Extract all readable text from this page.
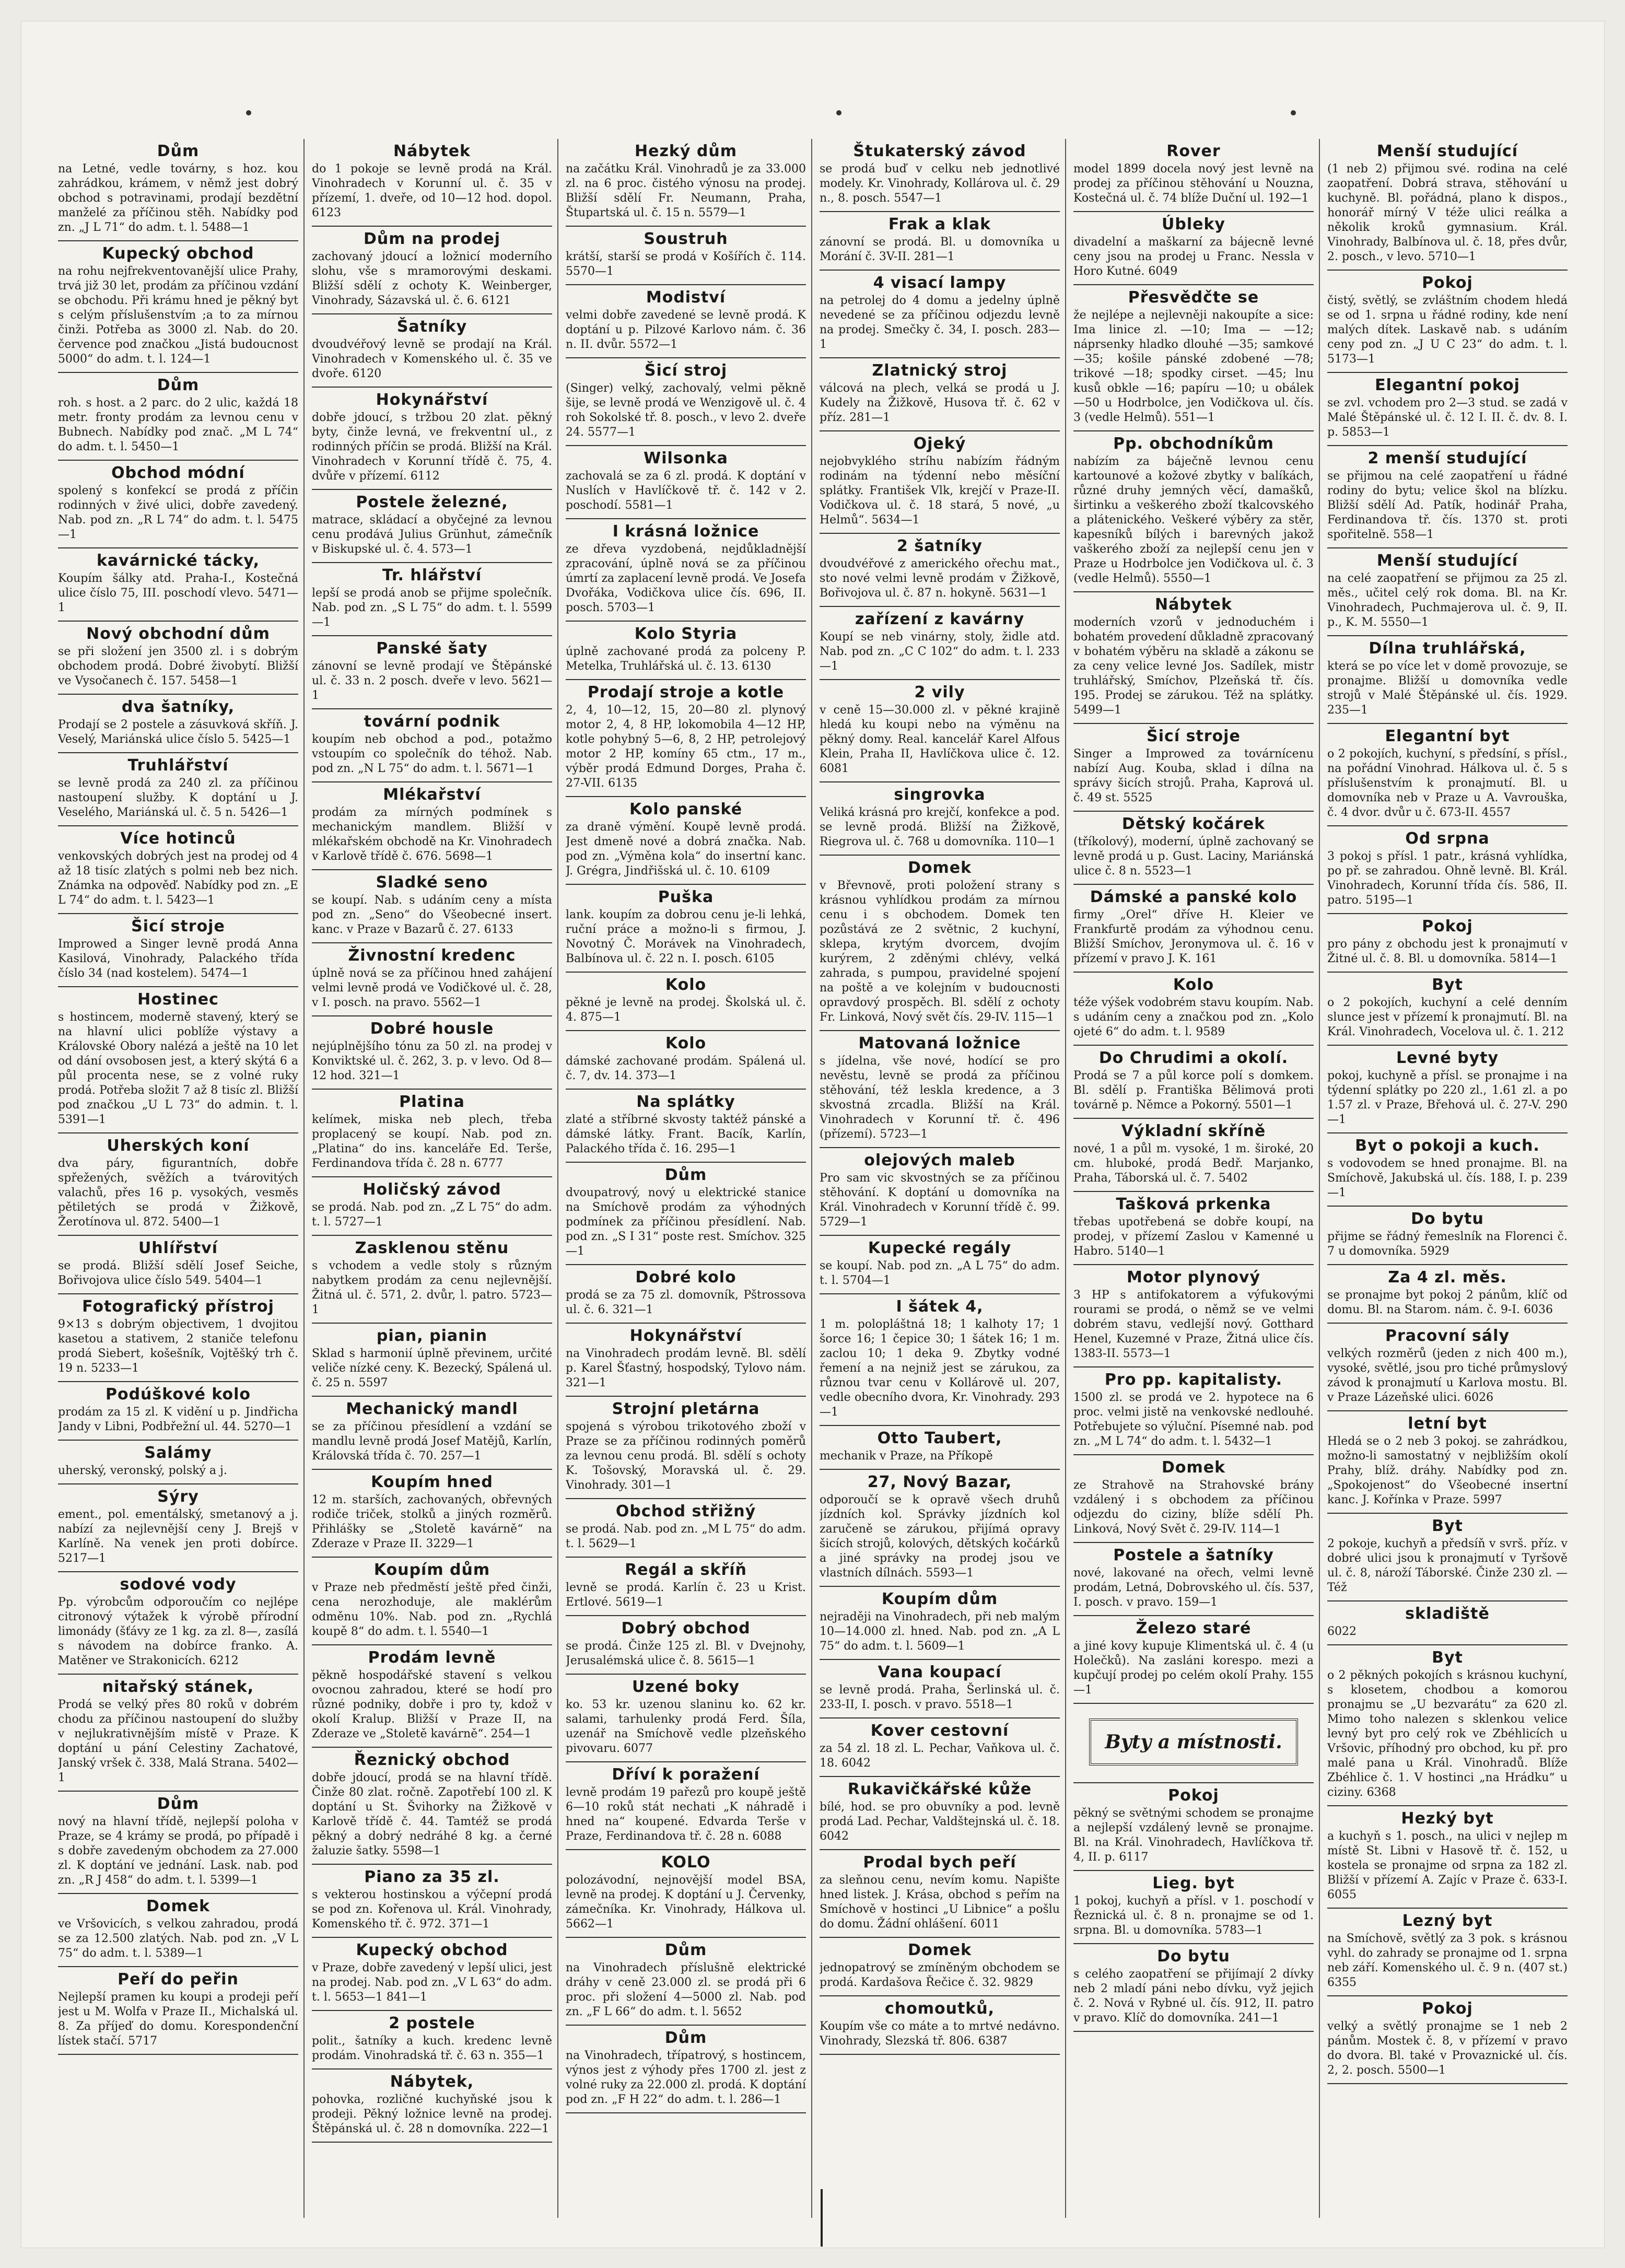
Dům
na Letné, vedle továrny, s hoz. kou zahrádkou, krámem, v němž jest dobrý obchod s potravinami, prodají bezdětní manželé za příčinou stěh. Nabídky pod zn. „J L 71“ do adm. t. l. 5488—1
Kupecký obchod
na rohu nejfrekventovanější ulice Prahy, trvá již 30 let, prodám za příčinou vzdání se obchodu. Při krámu hned je pěkný byt s celým příslušenstvím ;a to za mírnou činži. Potřeba as 3000 zl. Nab. do 20. července pod značkou „Jistá budoucnost 5000“ do adm. t. l. 124—1
Dům
roh. s host. a 2 parc. do 2 ulic, každá 18 metr. fronty prodám za levnou cenu v Bubnech. Nabídky pod znač. „M L 74“ do adm. t. l. 5450—1
Obchod módní
spolený s konfekcí se prodá z příčin rodinných v živé ulici, dobře zavedený. Nab. pod zn. „R L 74“ do adm. t. l. 5475—1
kavárnické tácky,
Koupím šálky atd. Praha-I., Kostečná ulice číslo 75, III. poschodí vlevo. 5471—1
Nový obchodní dům
se při složení jen 3500 zl. i s dobrým obchodem prodá. Dobré živobytí. Bližší ve Vysočanech č. 157. 5458—1
dva šatníky,
Prodají se 2 postele a zásuvková skříň. J. Veselý, Mariánská ulice číslo 5. 5425—1
Truhlářství
se levně prodá za 240 zl. za příčinou nastoupení služby. K doptání u J. Veselého, Mariánská ul. č. 5 n. 5426—1
Více hotinců
venkovských dobrých jest na prodej od 4 až 18 tisíc zlatých s polmi neb bez nich. Známka na odpověď. Nabídky pod zn. „E L 74“ do adm. t. l. 5423—1
Šicí stroje
Improwed a Singer levně prodá Anna Kasilová, Vinohrady, Palackého třída číslo 34 (nad kostelem). 5474—1
Hostinec
s hostincem, moderně stavený, který se na hlavní ulici poblíže výstavy a Královské Obory nalézá a ještě na 10 let od dání ovsobosen jest, a který skýtá 6 a půl procenta nese, se z volné ruky prodá. Potřeba složit 7 až 8 tisíc zl. Bližší pod značkou „U L 73“ do admin. t. l. 5391—1
Uherských koní
dva páry, figurantních, dobře spřežených, svěžích a tvárovitých valachů, přes 16 p. vysokých, vesměs pětiletých se prodá v Žižkově, Žerotínova ul. 872. 5400—1
Uhlířství
se prodá. Bližší sdělí Josef Seiche, Bořivojova ulice číslo 549. 5404—1
Fotografický přístroj
9×13 s dobrým objectivem, 1 dvojitou kasetou a stativem, 2 staniče telefonu prodá Siebert, košešník, Vojtěšký trh č. 19 n. 5233—1
Podúškové kolo
prodám za 15 zl. K vidění u p. Jindřicha Jandy v Libni, Podbřežní ul. 44. 5270—1
Salámy
uherský, veronský, polský a j.
Sýry
ement., pol. ementálský, smetanový a j. nabízí za nejlevnější ceny J. Brejš v Karlíně. Na venek jen proti dobírce. 5217—1
sodové vody
Pp. výrobcům odporoučím co nejlépe citronový výtažek k výrobě přírodní limonády (šťávy ze 1 kg. za zl. 8—, zasílá s návodem na dobírce franko. A. Matěner ve Strakonicích. 6212
nitařský stánek,
Prodá se velký přes 80 roků v dobrém chodu za příčinou nastoupení do služby v nejlukrativnějším místě v Praze. K doptání u pání Celestiny Zachatové, Janský vršek č. 338, Malá Strana. 5402—1
Dům
nový na hlavní třídě, nejlepší poloha v Praze, se 4 krámy se prodá, po případě i s dobře zavedeným obchodem za 27.000 zl. K doptání ve jednání. Lask. nab. pod zn. „R J 458“ do adm. t. l. 5399—1
Domek
ve Vršovicích, s velkou zahradou, prodá se za 12.500 zlatých. Nab. pod zn. „V L 75“ do adm. t. l. 5389—1
Peří do peřin
Nejlepší pramen ku koupi a prodeji peří jest u M. Wolfa v Praze II., Michalská ul. 8. Za příjeď do domu. Korespondenční lístek stačí. 5717
Nábytek
do 1 pokoje se levně prodá na Král. Vinohradech v Korunní ul. č. 35 v přízemí, 1. dveře, od 10—12 hod. dopol. 6123
Dům na prodej
zachovaný jdoucí a ložnicí moderního slohu, vše s mramorovými deskami. Bližší sdělí z ochoty K. Weinberger, Vinohrady, Sázavská ul. č. 6. 6121
Šatníky
dvoudvéřový levně se prodají na Král. Vinohradech v Komenského ul. č. 35 ve dvoře. 6120
Hokynářství
dobře jdoucí, s tržbou 20 zlat. pěkný byty, činže levná, ve frekventní ul., z rodinných příčin se prodá. Bližší na Král. Vinohradech v Korunní třídě č. 75, 4. dvůře v přízemí. 6112
Postele železné,
matrace, skládací a obyčejné za levnou cenu prodává Julius Grünhut, zámečník v Biskupské ul. č. 4. 573—1
Tr. hlářství
lepší se prodá anob se přijme společník. Nab. pod zn. „S L 75“ do adm. t. l. 5599—1
Panské šaty
zánovní se levně prodají ve Štěpánské ul. č. 33 n. 2 posch. dveře v levo. 5621—1
tovární podnik
koupím neb obchod a pod., potažmo vstoupím co společník do téhož. Nab. pod zn. „N L 75“ do adm. t. l. 5671—1
Mlékařství
prodám za mírných podmínek s mechanickým mandlem. Bližší v mlékařském obchodě na Kr. Vinohradech v Karlově třídě č. 676. 5698—1
Sladké seno
se koupí. Nab. s udáním ceny a místa pod zn. „Seno“ do Všeobecné insert. kanc. v Praze v Bazarů č. 27. 6133
Živnostní kredenc
úplně nová se za příčinou hned zahájení velmi levně prodá ve Vodičkové ul. č. 28, v I. posch. na pravo. 5562—1
Dobré housle
nejúplnějšího tónu za 50 zl. na prodej v Konviktské ul. č. 262, 3. p. v levo. Od 8—12 hod. 321—1
Platina
kelímek, miska neb plech, třeba proplacený se koupí. Nab. pod zn. „Platina“ do ins. kanceláře Ed. Terše, Ferdinandova třída č. 28 n. 6777
Holičský závod
se prodá. Nab. pod zn. „Z L 75“ do adm. t. l. 5727—1
Zasklenou stěnu
s vchodem a vedle stoly s různým nabytkem prodám za cenu nejlevnější. Žitná ul. č. 571, 2. dvůr, l. patro. 5723—1
pian, pianin
Sklad s harmonií úplně převinem, určité veliče nízké ceny. K. Bezecký, Spálená ul. č. 25 n. 5597
Mechanický mandl
se za příčinou přesídlení a vzdání se mandlu levně prodá Josef Matějů, Karlín, Královská třída č. 70. 257—1
Koupím hned
12 m. starších, zachovaných, obřevných rodiče triček, stolků a jiných rozměrů. Přihlášky se „Stoletě kavárně“ na Zderaze v Praze II. 3229—1
Koupím dům
v Praze neb předměstí ještě před činži, cena nerozhoduje, ale maklérům odměnu 10%. Nab. pod zn. „Rychlá koupě 8“ do adm. t. l. 5540—1
Prodám levně
pěkně hospodářské stavení s velkou ovocnou zahradou, které se hodí pro různé podniky, dobře i pro ty, kdož v okolí Kralup. Bližší v Praze II, na Zderaze ve „Stoletě kavárně“. 254—1
Řeznický obchod
dobře jdoucí, prodá se na hlavní třídě. Činže 80 zlat. ročně. Zapotřebí 100 zl. K doptání u St. Švihorky na Žižkově v Karlově třídě č. 44. Tamtéž se prodá pěkný a dobrý nedráhé 8 kg. a černé žaluzie šatky. 5598—1
Piano za 35 zl.
s vekterou hostinskou a výčepní prodá se pod zn. Kořenova ul. Král. Vinohrady, Komenského tř. č. 972. 371—1
Kupecký obchod
v Praze, dobře zavedený v lepší ulici, jest na prodej. Nab. pod zn. „V L 63“ do adm. t. l. 5653—1 841—1
2 postele
polit., šatníky a kuch. kredenc levně prodám. Vinohradská tř. č. 63 n. 355—1
Nábytek,
pohovka, rozličné kuchyňské jsou k prodeji. Pěkný ložnice levně na prodej. Štěpánská ul. č. 28 n domovníka. 222—1
Hezký dům
na začátku Král. Vinohradů je za 33.000 zl. na 6 proc. čistého výnosu na prodej. Bližší sdělí Fr. Neumann, Praha, Štupartská ul. č. 15 n. 5579—1
Soustruh
krátší, starší se prodá v Košířích č. 114. 5570—1
Modiství
velmi dobře zavedené se levně prodá. K doptání u p. Pilzové Karlovo nám. č. 36 n. II. dvůr. 5572—1
Šicí stroj
(Singer) velký, zachovalý, velmi pěkně šije, se levně prodá ve Wenzigově ul. č. 4 roh Sokolské tř. 8. posch., v levo 2. dveře 24. 5577—1
Wilsonka
zachovalá se za 6 zl. prodá. K doptání v Nuslích v Havlíčkově tř. č. 142 v 2. poschodí. 5581—1
I krásná ložnice
ze dřeva vyzdobená, nejdůkladnější zpracování, úplně nová se za příčinou úmrtí za zaplacení levně prodá. Ve Josefa Dvořáka, Vodičkova ulice čís. 696, II. posch. 5703—1
Kolo Styria
úplně zachované prodá za polceny P. Metelka, Truhlářská ul. č. 13. 6130
Prodají stroje a kotle
2, 4, 10—12, 15, 20—80 zl. plynový motor 2, 4, 8 HP, lokomobila 4—12 HP, kotle pohybný 5—6, 8, 2 HP, petrolejový motor 2 HP, komíny 65 ctm., 17 m., výběr prodá Edmund Dorges, Praha č. 27-VII. 6135
Kolo panské
za draně výmění. Koupě levně prodá. Jest dmeně nové a dobrá značka. Nab. pod zn. „Výměna kola“ do insertní kanc. J. Grégra, Jindřišská ul. č. 10. 6109
Puška
lank. koupím za dobrou cenu je-li lehká, ruční práce a možno-li s firmou, J. Novotný Č. Morávek na Vinohradech, Balbínova ul. č. 22 n. I. posch. 6105
Kolo
pěkné je levně na prodej. Školská ul. č. 4. 875—1
Kolo
dámské zachované prodám. Spálená ul. č. 7, dv. 14. 373—1
Na splátky
zlaté a stříbrné skvosty taktéž pánské a dámské látky. Frant. Bacík, Karlín, Palackého třída č. 16. 295—1
Dům
dvoupatrový, nový u elektrické stanice na Smíchově prodám za výhodných podmínek za příčinou přesídlení. Nab. pod zn. „S I 31“ poste rest. Smíchov. 325—1
Dobré kolo
prodá se za 75 zl. domovník, Pštrossova ul. č. 6. 321—1
Hokynářství
na Vinohradech prodám levně. Bl. sdělí p. Karel Šťastný, hospodský, Tylovo nám. 321—1
Strojní pletárna
spojená s výrobou trikotového zboží v Praze se za příčinou rodinných poměrů za levnou cenu prodá. Bl. sdělí s ochoty K. Tošovský, Moravská ul. č. 29. Vinohrady. 301—1
Obchod střižný
se prodá. Nab. pod zn. „M L 75“ do adm. t. l. 5629—1
Regál a skříň
levně se prodá. Karlín č. 23 u Krist. Ertlové. 5619—1
Dobrý obchod
se prodá. Činže 125 zl. Bl. v Dvejnohy, Jerusalémská ulice č. 8. 5615—1
Uzené boky
ko. 53 kr. uzenou slaninu ko. 62 kr. salami, tarhulenky prodá Ferd. Šíla, uzenář na Smíchově vedle plzeňského pivovaru. 6077
Dříví k poražení
levně prodám 19 pařezů pro koupě ještě 6—10 roků stát nechati „K náhradě i hned na“ koupené. Edvarda Terše v Praze, Ferdinandova tř. č. 28 n. 6088
KOLO
polozávodní, nejnovější model BSA, levně na prodej. K doptání u J. Červenky, zámečníka. Kr. Vinohrady, Hálkova ul. 5662—1
Dům
na Vinohradech příslušně elektrické dráhy v ceně 23.000 zl. se prodá při 6 proc. při složení 4—5000 zl. Nab. pod zn. „F L 66“ do adm. t. l. 5652
Dům
na Vinohradech, třípatrový, s hostincem, výnos jest z výhody přes 1700 zl. jest z volné ruky za 22.000 zl. prodá. K doptání pod zn. „F H 22“ do adm. t. l. 286—1
Štukaterský závod
se prodá buď v celku neb jednotlivé modely. Kr. Vinohrady, Kollárova ul. č. 29 n., 8. posch. 5547—1
Frak a klak
zánovní se prodá. Bl. u domovníka u Morání č. 3V-II. 281—1
4 visací lampy
na petrolej do 4 domu a jedelny úplně nevedené se za příčinou odjezdu levně na prodej. Smečky č. 34, I. posch. 283—1
Zlatnický stroj
válcová na plech, velká se prodá u J. Kudely na Žižkově, Husova tř. č. 62 v příz. 281—1
Ojeký
nejobvyklého stríhu nabízím řádným rodinám na týdenní nebo měsíční splátky. František Vlk, krejčí v Praze-II. Vodičkova ul. č. 18 stará, 5 nové, „u Helmů“. 5634—1
2 šatníky
dvoudvéřové z amerického ořechu mat., sto nové velmi levně prodám v Žižkově, Bořivojova ul. č. 87 n. hokyně. 5631—1
zařízení z kavárny
Koupí se neb vinárny, stoly, židle atd. Nab. pod zn. „C C 102“ do adm. t. l. 233—1
2 vily
v ceně 15—30.000 zl. v pěkné krajině hledá ku koupi nebo na výměnu na pěkný domy. Real. kancelář Karel Alfous Klein, Praha II, Havlíčkova ulice č. 12. 6081
singrovka
Veliká krásná pro krejčí, konfekce a pod. se levně prodá. Bližší na Žižkově, Riegrova ul. č. 768 u domovníka. 110—1
Domek
v Břevnově, proti položení strany s krásnou vyhlídkou prodám za mírnou cenu i s obchodem. Domek ten pozůstává ze 2 světnic, 2 kuchyní, sklepa, krytým dvorcem, dvojím kurýrem, 2 zděnými chlévy, velká zahrada, s pumpou, pravidelné spojení na poště a ve kolejním v budoucnosti opravdový prospěch. Bl. sdělí z ochoty Fr. Linková, Nový svět čís. 29-IV. 115—1
Matovaná ložnice
s jídelna, vše nové, hodící se pro nevěstu, levně se prodá za příčinou stěhování, též leskla kredence, a 3 skvostná zrcadla. Bližší na Král. Vinohradech v Korunní tř. č. 496 (přízemí). 5723—1
olejových maleb
Pro sam vic skvostných se za příčinou stěhování. K doptání u domovníka na Král. Vinohradech v Korunní třídě č. 99. 5729—1
Kupecké regály
se koupí. Nab. pod zn. „A L 75“ do adm. t. l. 5704—1
I šátek 4,
1 m. polopláštná 18; 1 kalhoty 17; 1 šorce 16; 1 čepice 30; 1 šátek 16; 1 m. zaclou 10; 1 deka 9. Zbytky vodné řemení a na nejniž jest se zárukou, za různou tvar cenu v Kollárově ul. 207, vedle obecního dvora, Kr. Vinohrady. 293—1
Otto Taubert,
mechanik v Praze, na Příkopě
27, Nový Bazar,
odporoučí se k opravě všech druhů jízdních kol. Správky jízdních kol zaručeně se zárukou, přijímá opravy šicích strojů, kolových, dětských kočárků a jiné správky na prodej jsou ve vlastních dílnách. 5593—1
Koupím dům
nejraději na Vinohradech, při neb malým 10—14.000 zl. hned. Nab. pod zn. „A L 75“ do adm. t. l. 5609—1
Vana koupací
se levně prodá. Praha, Šerlinská ul. č. 233-II, I. posch. v pravo. 5518—1
Kover cestovní
za 54 zl. 18 zl. L. Pechar, Vaňkova ul. č. 18. 6042
Rukavičkářské kůže
bílé, hod. se pro obuvníky a pod. levně prodá Lad. Pechar, Valdštejnská ul. č. 18. 6042
Prodal bych peří
za sleňnou cenu, nevím komu. Napište hned listek. J. Krása, obchod s peřím na Smíchově v hostinci „U Libnice“ a pošlu do domu. Žádní ohlášení. 6011
Domek
jednopatrový se zmíněným obchodem se prodá. Kardašova Řečice č. 32. 9829
chomoutků,
Koupím vše co máte a to mrtvé nedávno. Vinohrady, Slezská tř. 806. 6387
Rover
model 1899 docela nový jest levně na prodej za příčinou stěhování u Nouzna, Kostečná ul. č. 74 blíže Duční ul. 192—1
Úbleky
divadelní a maškarní za bájecně levné ceny jsou na prodej u Franc. Nessla v Horo Kutné. 6049
Přesvědčte se
že nejlépe a nejlevněji nakoupíte a sice: Ima linice zl. —10; Ima — —12; náprsenky hladko dlouhé —35; samkové —35; košile pánské zdobené —78; trikové —18; spodky cirset. —45; lnu kusů obkle —16; papíru —10; u obálek —50 u Hodrbolce, jen Vodičkova ul. čís. 3 (vedle Helmů). 551—1
Pp. obchodníkům
nabízím za báječně levnou cenu kartounové a kožové zbytky v balíkách, různé druhy jemných věcí, damašků, širtinku a veškerého zboží tkalcovského a plátenického. Veškeré výběry za stěr, kapesníků bílých i barevných jakož vaškerého zboží za nejlepší cenu jen v Praze u Hodrbolce jen Vodičkova ul. č. 3 (vedle Helmů). 5550—1
Nábytek
moderních vzorů v jednoduchém i bohatém provedení důkladně zpracovaný v bohatém výběru na skladě a zákonu se za ceny velice levné Jos. Sadílek, mistr truhlářský, Smíchov, Plzeňská tř. čís. 195. Prodej se zárukou. Též na splátky. 5499—1
Šicí stroje
Singer a Improwed za továrnícenu nabízí Aug. Kouba, sklad i dílna na správy šicích strojů. Praha, Kaprová ul. č. 49 st. 5525
Dětský kočárek
(tříkolový), moderní, úplně zachovaný se levně prodá u p. Gust. Laciny, Mariánská ulice č. 8 n. 5523—1
Dámské a panské kolo
firmy „Orel“ dříve H. Kleier ve Frankfurtě prodám za výhodnou cenu. Bližší Smíchov, Jeronymova ul. č. 16 v přízemí v pravo J. K. 161
Kolo
téže výšek vodobrém stavu koupím. Nab. s udáním ceny a značkou pod zn. „Kolo ojeté 6“ do adm. t. l. 9589
Do Chrudimi a okolí.
Prodá se 7 a půl korce polí s domkem. Bl. sdělí p. Františka Bělimová proti továrně p. Němce a Pokorný. 5501—1
Výkladní skříně
nové, 1 a půl m. vysoké, 1 m. široké, 20 cm. hluboké, prodá Bedř. Marjanko, Praha, Táborská ul. č. 7. 5402
Tašková prkenka
třebas upotřebená se dobře koupí, na prodej, v přízemí Zaslou v Kamenné u Habro. 5140—1
Motor plynový
3 HP s antifokatorem a výfukovými rourami se prodá, o němž se ve velmi dobrém stavu, vedlejší nový. Gotthard Henel, Kuzemné v Praze, Žitná ulice čís. 1383-II. 5573—1
Pro pp. kapitalisty.
1500 zl. se prodá ve 2. hypotece na 6 proc. velmi jistě na venkovské nedlouhé. Potřebujete so výluční. Písemné nab. pod zn. „M L 74“ do adm. t. l. 5432—1
Domek
ze Strahově na Strahovské brány vzdálený i s obchodem za příčinou odjezdu do ciziny, blíže sdělí Ph. Linková, Nový Svět č. 29-IV. 114—1
Postele a šatníky
nové, lakované na ořech, velmi levně prodám, Letná, Dobrovského ul. čís. 537, I. posch. v pravo. 159—1
Železo staré
a jiné kovy kupuje Klimentská ul. č. 4 (u Holečků). Na zasláni korespo. mezi a kupčují prodej po celém okolí Prahy. 155—1
Byty a místnosti.
Pokoj
pěkný se světnými schodem se pronajme a nejlepší vzdálený levně se pronajme. Bl. na Král. Vinohradech, Havlíčkova tř. 4, II. p. 6117
Lieg. byt
1 pokoj, kuchyň a přísl. v 1. poschodí v Řeznická ul. č. 8 n. pronajme se od 1. srpna. Bl. u domovníka. 5783—1
Do bytu
s celého zaopatření se přijímají 2 dívky neb 2 mladí páni nebo dívku, vyž jejich č. 2. Nová v Rybné ul. čís. 912, II. patro v pravo. Klíč do domovníka. 241—1
Menší studující
(1 neb 2) přijmou své. rodina na celé zaopatření. Dobrá strava, stěhování u kuchyně. Bl. pořádná, plano k dispos., honorář mírný V téže ulici reálka a několik kroků gymnasium. Král. Vinohrady, Balbínova ul. č. 18, přes dvůr, 2. posch., v levo. 5710—1
Pokoj
čistý, světlý, se zvláštním chodem hledá se od 1. srpna u řádné rodiny, kde není malých dítek. Laskavě nab. s udáním ceny pod zn. „J U C 23“ do adm. t. l. 5173—1
Elegantní pokoj
se zvl. vchodem pro 2—3 stud. se zadá v Malé Štěpánské ul. č. 12 I. II. č. dv. 8. I. p. 5853—1
2 menší studující
se přijmou na celé zaopatření u řádné rodiny do bytu; velice škol na blízku. Bližší sdělí Ad. Patík, hodinář Praha, Ferdinandova tř. čís. 1370 st. proti spořitelně. 558—1
Menší studující
na celé zaopatření se přijmou za 25 zl. měs., učitel celý rok doma. Bl. na Kr. Vinohradech, Puchmajerova ul. č. 9, II. p., K. M. 5550—1
Dílna truhlářská,
která se po více let v domě provozuje, se pronajme. Bližší u domovníka vedle strojů v Malé Štěpánské ul. čís. 1929. 235—1
Elegantní byt
o 2 pokojích, kuchyní, s předsíní, s přísl., na pořádní Vinohrad. Hálkova ul. č. 5 s příslušenstvím k pronajmutí. Bl. u domovníka neb v Praze u A. Vavrouška, č. 4 dvor. dvůr u č. 673-II. 4557
Od srpna
3 pokoj s přísl. 1 patr., krásná vyhlídka, po př. se zahradou. Ohně levně. Bl. Král. Vinohradech, Korunní třída čís. 586, II. patro. 5195—1
Pokoj
pro pány z obchodu jest k pronajmutí v Žitné ul. č. 8. Bl. u domovníka. 5814—1
Byt
o 2 pokojích, kuchyní a celé denním slunce jest v přízemí k pronajmutí. Bl. na Král. Vinohradech, Vocelova ul. č. 1. 212
Levné byty
pokoj, kuchyně a přísl. se pronajme i na týdenní splátky po 220 zl., 1.61 zl. a po 1.57 zl. v Praze, Břehová ul. č. 27-V. 290—1
Byt o pokoji a kuch.
s vodovodem se hned pronajme. Bl. na Smíchově, Jakubská ul. čís. 188, I. p. 239—1
Do bytu
přijme se řádný řemeslník na Florenci č. 7 u domovníka. 5929
Za 4 zl. měs.
se pronajme byt pokoj 2 pánům, klíč od domu. Bl. na Starom. nám. č. 9-I. 6036
Pracovní sály
velkých rozměrů (jeden z nich 400 m.), vysoké, světlé, jsou pro tiché průmyslový závod k pronajmutí u Karlova mostu. Bl. v Praze Lázeňské ulici. 6026
letní byt
Hledá se o 2 neb 3 pokoj. se zahrádkou, možno-li samostatný v nejbližším okolí Prahy, blíž. dráhy. Nabídky pod zn. „Spokojenost“ do Všeobecné insertní kanc. J. Kořínka v Praze. 5997
Byt
2 pokoje, kuchyň a předsíň v svrš. příz. v dobré ulici jsou k pronajmutí v Tyršově ul. č. 8, nároží Táborské. Činže 230 zl. — Též
skladiště
6022
Byt
o 2 pěkných pokojích s krásnou kuchyní, s klosetem, chodbou a komorou pronajmu se „U bezvarátu“ za 620 zl. Mimo toho nalezen s sklenkou velice levný byt pro celý rok ve Zbéhlicích u Vršovic, příhodný pro obchod, ku př. pro malé pana u Král. Vinohradů. Blíže Zbéhlice č. 1. V hostinci „na Hrádku“ u ciziny. 6368
Hezký byt
a kuchyň s 1. posch., na ulici v nejlep m místě St. Libni v Hasově tř. č. 152, u kostela se pronajme od srpna za 182 zl. Bližší v přízemí A. Zajíc v Praze č. 633-I. 6055
Lezný byt
na Smíchově, světlý za 3 pok. s krásnou vyhl. do zahrady se pronajme od 1. srpna neb září. Komenského ul. č. 9 n. (407 st.) 6355
Pokoj
velký a světlý pronajme se 1 neb 2 pánům. Mostek č. 8, v přízemí v pravo do dvora. Bl. také v Provaznické ul. čís. 2, 2. posch. 5500—1
